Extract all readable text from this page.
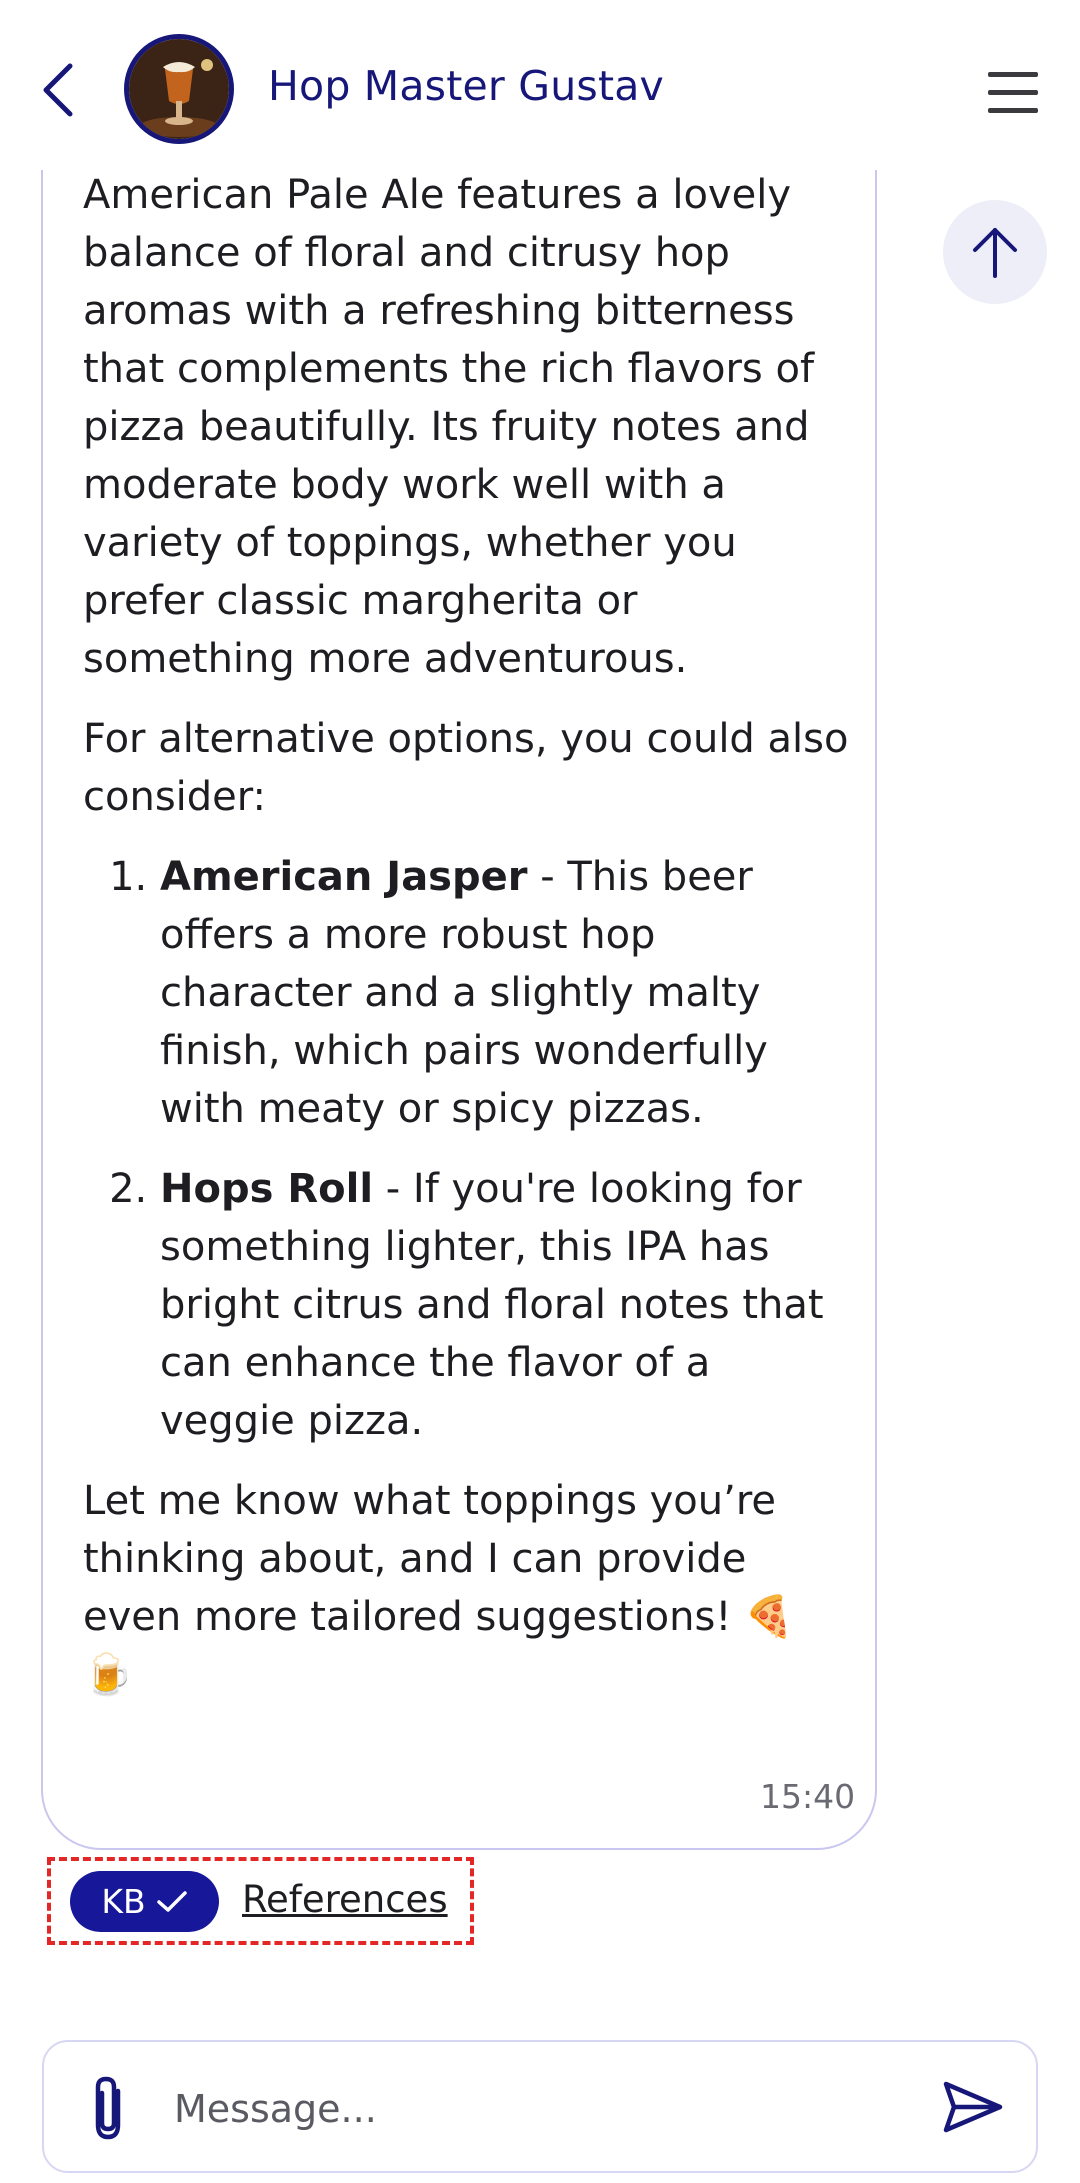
Hop Master Gustav

American Pale Ale features a lovely balance of floral and citrusy hop aromas with a refreshing bitterness that complements the rich flavors of pizza beautifully. Its fruity notes and moderate body work well with a variety of toppings, whether you prefer classic margherita or something more adventurous.

For alternative options, you could also consider:

1. American Jasper - This beer offers a more robust hop character and a slightly malty finish, which pairs wonderfully with meaty or spicy pizzas.
2. Hops Roll - If you're looking for something lighter, this IPA has bright citrus and floral notes that can enhance the flavor of a veggie pizza.

Let me know what toppings you’re thinking about, and I can provide even more tailored suggestions! 🍕

🍺

15:40
KB	References
Message...
